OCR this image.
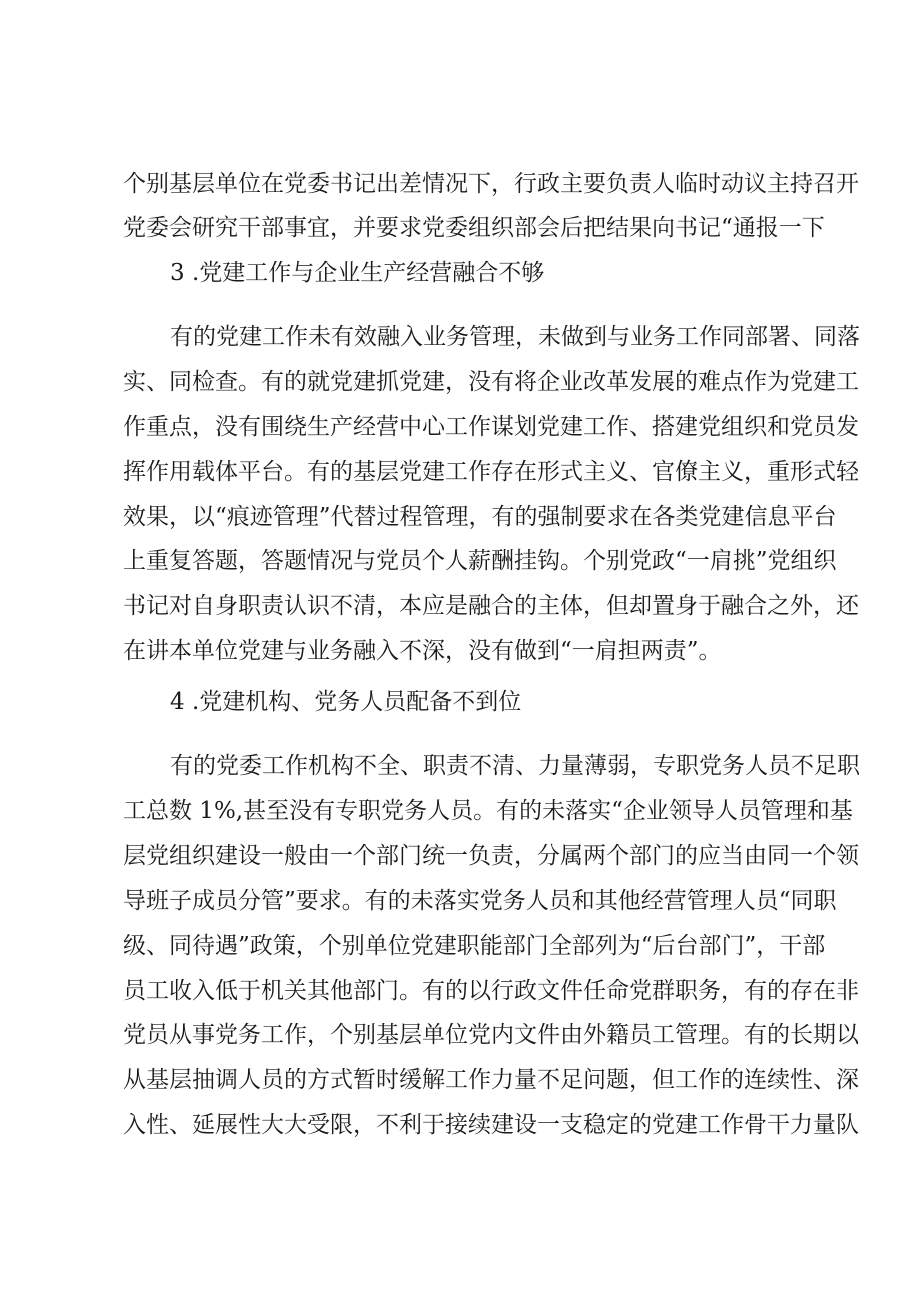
个别基层单位在党委书记出差情况下，行政主要负责人临时动议主持召开

党委会研究干部事宜，并要求党委组织部会后把结果向书记“通报一下

3 .党建工作与企业生产经营融合不够

有的党建工作未有效融入业务管理，未做到与业务工作同部署、同落

实、同检查。有的就党建抓党建，没有将企业改革发展的难点作为党建工

作重点，没有围绕生产经营中心工作谋划党建工作、搭建党组织和党员发

挥作用载体平台。有的基层党建工作存在形式主义、官僚主义，重形式轻

效果，以“痕迹管理”代替过程管理，有的强制要求在各类党建信息平台

上重复答题，答题情况与党员个人薪酬挂钩。个别党政“一肩挑”党组织

书记对自身职责认识不清，本应是融合的主体，但却置身于融合之外，还

在讲本单位党建与业务融入不深，没有做到“一肩担两责”。

4 .党建机构、党务人员配备不到位

有的党委工作机构不全、职责不清、力量薄弱，专职党务人员不足职

工总数 1%,甚至没有专职党务人员。有的未落实“企业领导人员管理和基

层党组织建设一般由一个部门统一负责，分属两个部门的应当由同一个领

导班子成员分管”要求。有的未落实党务人员和其他经营管理人员“同职

级、同待遇”政策，个别单位党建职能部门全部列为“后台部门”，干部

员工收入低于机关其他部门。有的以行政文件任命党群职务，有的存在非

党员从事党务工作，个别基层单位党内文件由外籍员工管理。有的长期以

从基层抽调人员的方式暂时缓解工作力量不足问题，但工作的连续性、深

入性、延展性大大受限，不利于接续建设一支稳定的党建工作骨干力量队
